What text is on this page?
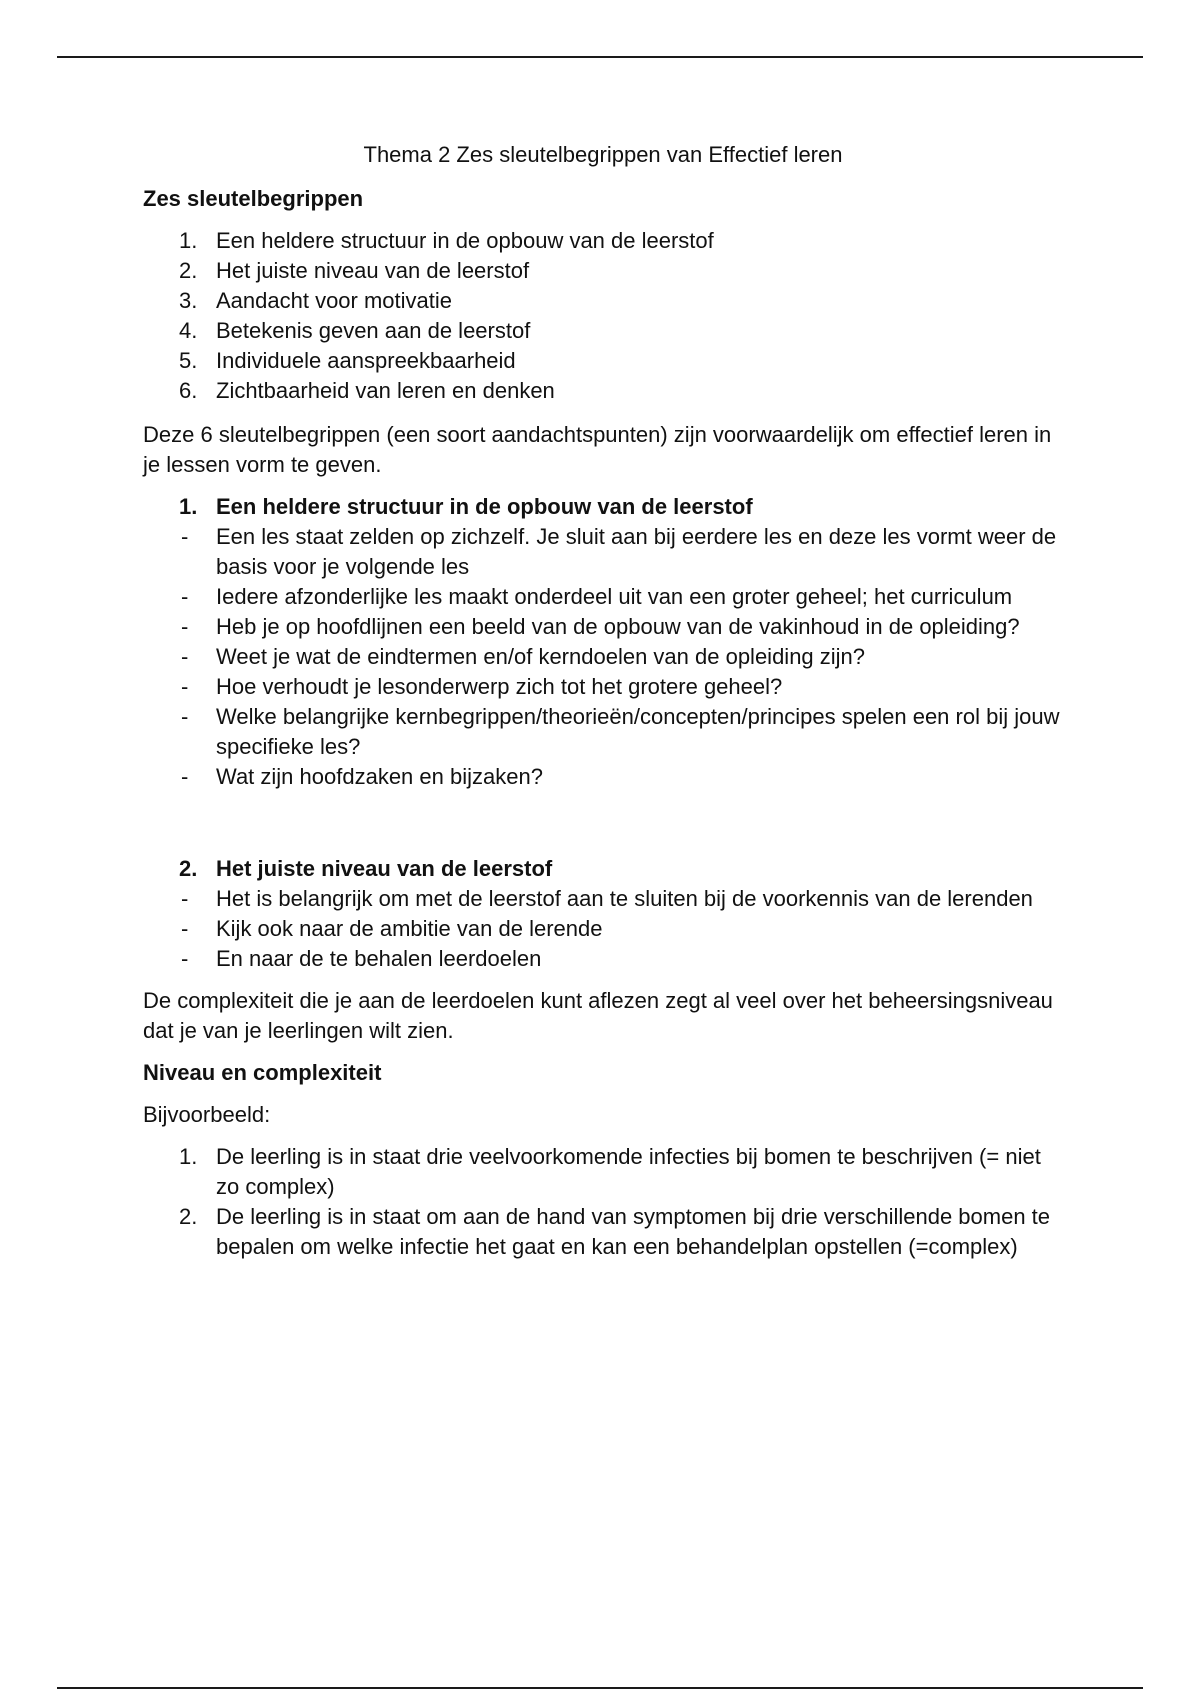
Thema 2 Zes sleutelbegrippen van Effectief leren
Zes sleutelbegrippen
1. Een heldere structuur in de opbouw van de leerstof
2. Het juiste niveau van de leerstof
3. Aandacht voor motivatie
4. Betekenis geven aan de leerstof
5. Individuele aanspreekbaarheid
6. Zichtbaarheid van leren en denken

Deze 6 sleutelbegrippen (een soort aandachtspunten) zijn voorwaardelijk om effectief leren in je lessen vorm te geven.

1. Een heldere structuur in de opbouw van de leerstof
- Een les staat zelden op zichzelf. Je sluit aan bij eerdere les en deze les vormt weer de basis voor je volgende les
- Iedere afzonderlijke les maakt onderdeel uit van een groter geheel; het curriculum
- Heb je op hoofdlijnen een beeld van de opbouw van de vakinhoud in de opleiding?
- Weet je wat de eindtermen en/of kerndoelen van de opleiding zijn?
- Hoe verhoudt je lesonderwerp zich tot het grotere geheel?
- Welke belangrijke kernbegrippen/theorieën/concepten/principes spelen een rol bij jouw specifieke les?
- Wat zijn hoofdzaken en bijzaken?
2. Het juiste niveau van de leerstof
- Het is belangrijk om met de leerstof aan te sluiten bij de voorkennis van de lerenden
- Kijk ook naar de ambitie van de lerende
- En naar de te behalen leerdoelen

De complexiteit die je aan de leerdoelen kunt aflezen zegt al veel over het beheersingsniveau dat je van je leerlingen wilt zien.

Niveau en complexiteit

Bijvoorbeeld:

1. De leerling is in staat drie veelvoorkomende infecties bij bomen te beschrijven (= niet zo complex)
2. De leerling is in staat om aan de hand van symptomen bij drie verschillende bomen te bepalen om welke infectie het gaat en kan een behandelplan opstellen (=complex)
